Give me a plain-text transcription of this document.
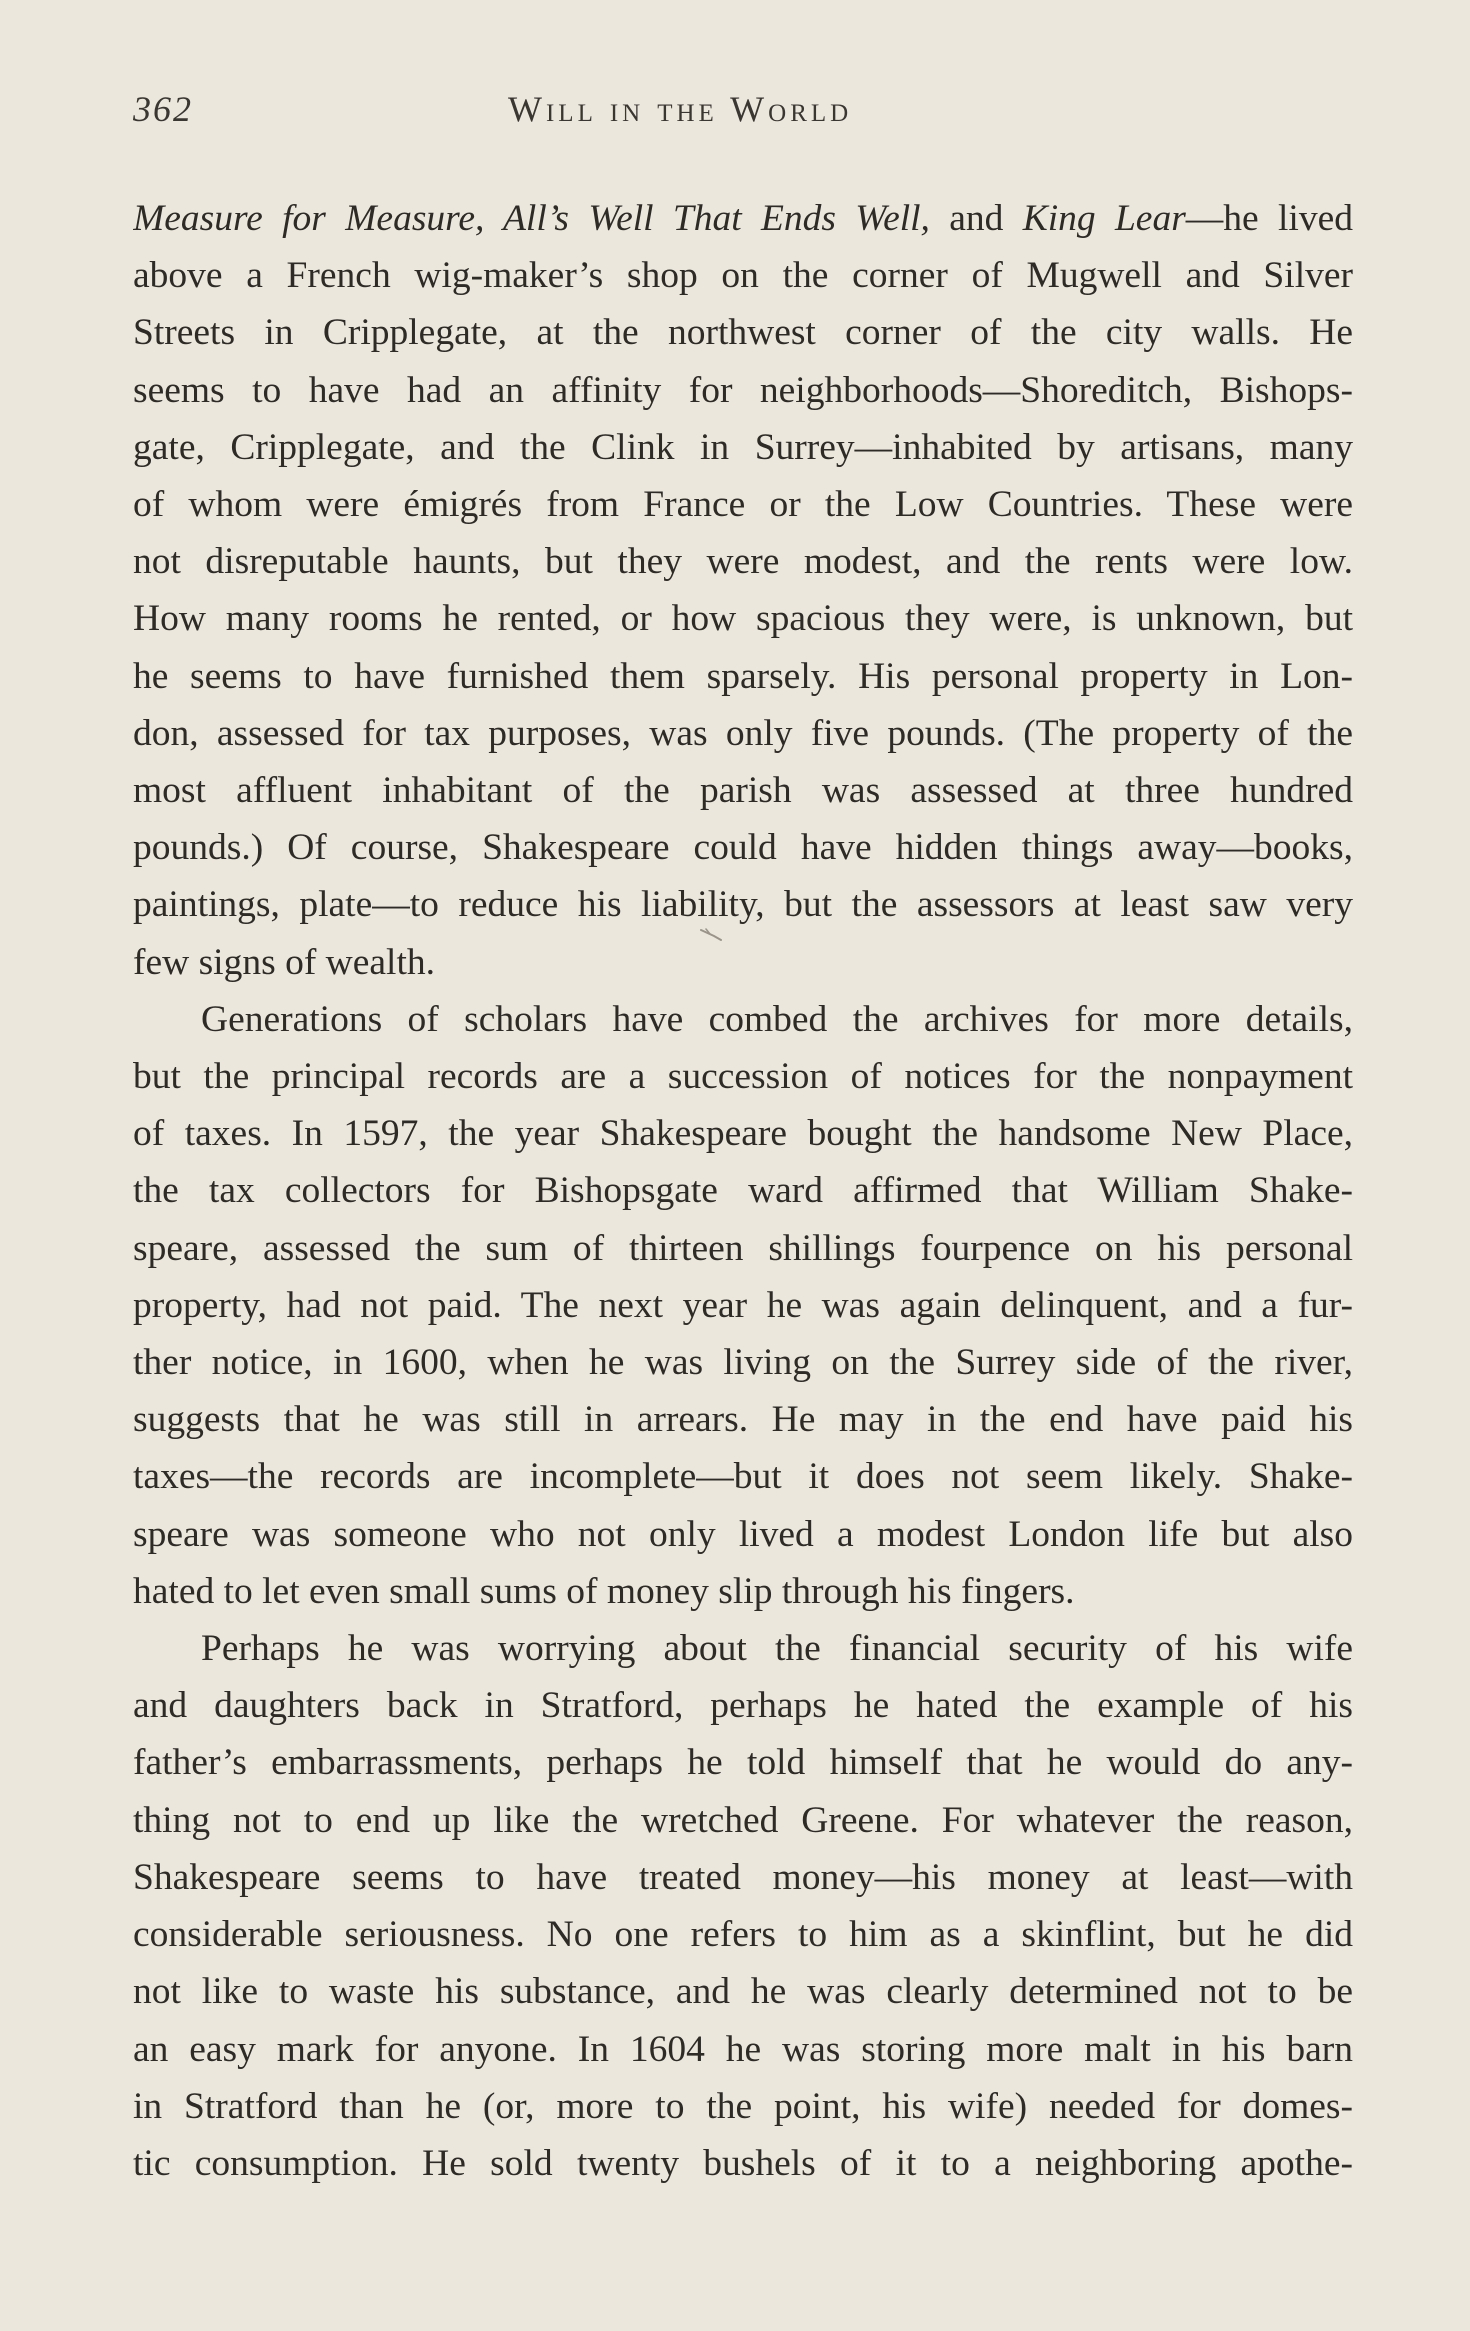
362	Will in the World
Measure for Measure, All’s Well That Ends Well, and King Lear—he lived
above a French wig-maker’s shop on the corner of Mugwell and Silver
Streets in Cripplegate, at the northwest corner of the city walls. He
seems to have had an affinity for neighborhoods—Shoreditch, Bishops-
gate, Cripplegate, and the Clink in Surrey—inhabited by artisans, many
of whom were émigrés from France or the Low Countries. These were
not disreputable haunts, but they were modest, and the rents were low.
How many rooms he rented, or how spacious they were, is unknown, but
he seems to have furnished them sparsely. His personal property in Lon-
don, assessed for tax purposes, was only five pounds. (The property of the
most affluent inhabitant of the parish was assessed at three hundred
pounds.) Of course, Shakespeare could have hidden things away—books,
paintings, plate—to reduce his liability, but the assessors at least saw very
few signs of wealth.
Generations of scholars have combed the archives for more details,
but the principal records are a succession of notices for the nonpayment
of taxes. In 1597, the year Shakespeare bought the handsome New Place,
the tax collectors for Bishopsgate ward affirmed that William Shake-
speare, assessed the sum of thirteen shillings fourpence on his personal
property, had not paid. The next year he was again delinquent, and a fur-
ther notice, in 1600, when he was living on the Surrey side of the river,
suggests that he was still in arrears. He may in the end have paid his
taxes—the records are incomplete—but it does not seem likely. Shake-
speare was someone who not only lived a modest London life but also
hated to let even small sums of money slip through his fingers.
Perhaps he was worrying about the financial security of his wife
and daughters back in Stratford, perhaps he hated the example of his
father’s embarrassments, perhaps he told himself that he would do any-
thing not to end up like the wretched Greene. For whatever the reason,
Shakespeare seems to have treated money—his money at least—with
considerable seriousness. No one refers to him as a skinflint, but he did
not like to waste his substance, and he was clearly determined not to be
an easy mark for anyone. In 1604 he was storing more malt in his barn
in Stratford than he (or, more to the point, his wife) needed for domes-
tic consumption. He sold twenty bushels of it to a neighboring apothe-
